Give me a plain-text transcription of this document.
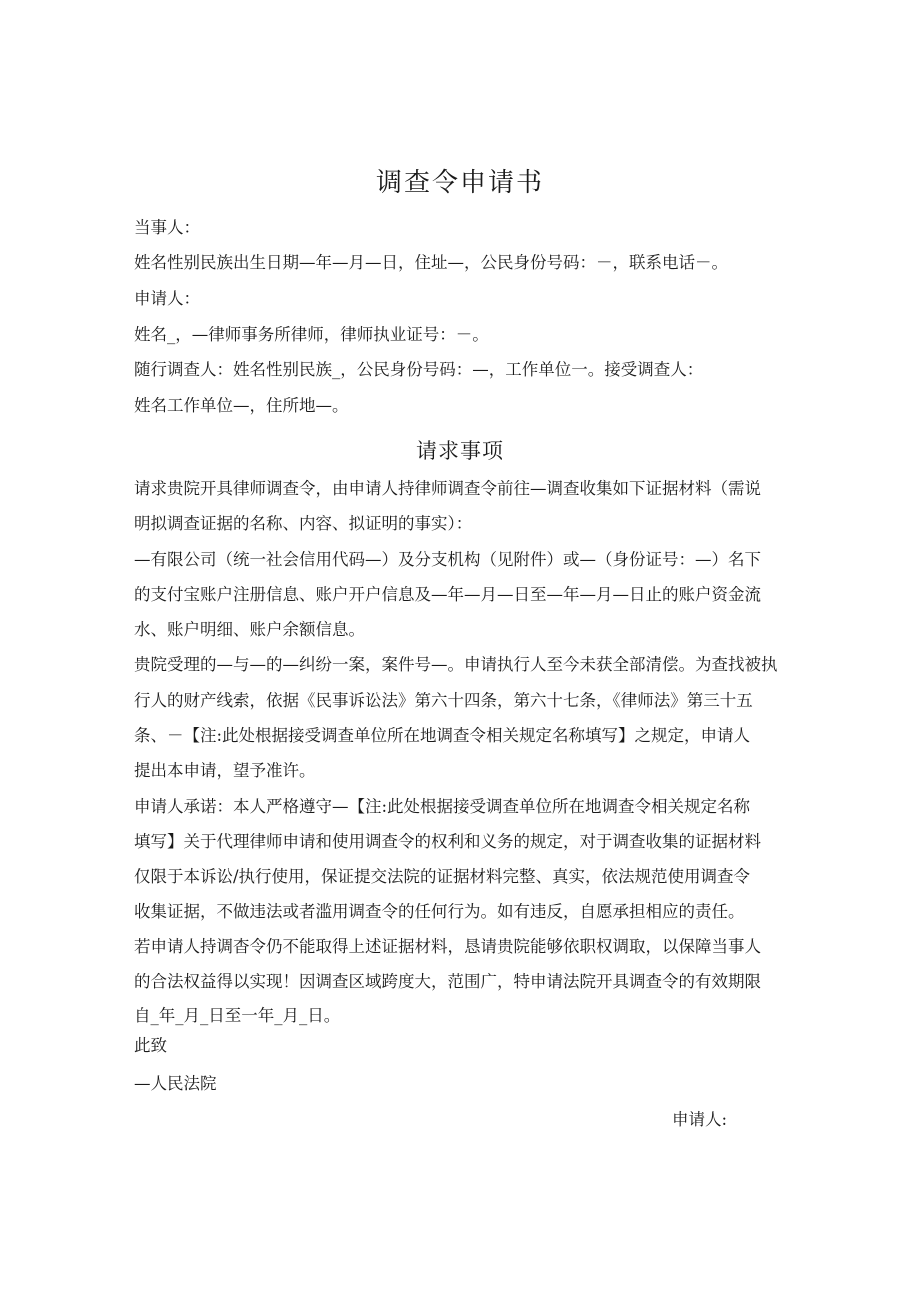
调查令申请书
当事人：
姓名性别民族出生日期—年—月—日，住址—，公民身份号码：－，联系电话－。
申请人：
姓名_，—律师事务所律师，律师执业证号：－。
随行调查人：姓名性别民族_，公民身份号码：—，工作单位一。接受调查人：
姓名工作单位—，住所地—。
请求事项
请求贵院开具律师调查令，由申请人持律师调查令前往—调查收集如下证据材料（需说
明拟调查证据的名称、内容、拟证明的事实）：
—有限公司（统一社会信用代码—）及分支机构（见附件）或—（身份证号：—）名下
的支付宝账户注册信息、账户开户信息及—年—月—日至—年—月—日止的账户资金流
水、账户明细、账户余额信息。
贵院受理的—与—的—纠纷一案，案件号—。申请执行人至今未获全部清偿。为查找被执
行人的财产线索，依据《民事诉讼法》第六十四条，第六十七条，《律师法》第三十五
条、－【注:此处根据接受调查单位所在地调查令相关规定名称填写】之规定，申请人
提出本申请，望予准许。
申请人承诺：本人严格遵守—【注:此处根据接受调查单位所在地调查令相关规定名称
填写】关于代理律师申请和使用调查令的权利和义务的规定，对于调查收集的证据材料
仅限于本诉讼/执行使用，保证提交法院的证据材料完整、真实，依法规范使用调查令
收集证据，不做违法或者滥用调查令的任何行为。如有违反，自愿承担相应的责任。
若申请人持调杳令仍不能取得上述证据材料，恳请贵院能够依职权调取，以保障当事人
的合法权益得以实现！因调查区域跨度大，范围广，特申请法院开具调查令的有效期限
自_年_月_日至一年_月_日。
此致
—人民法院
申请人:
